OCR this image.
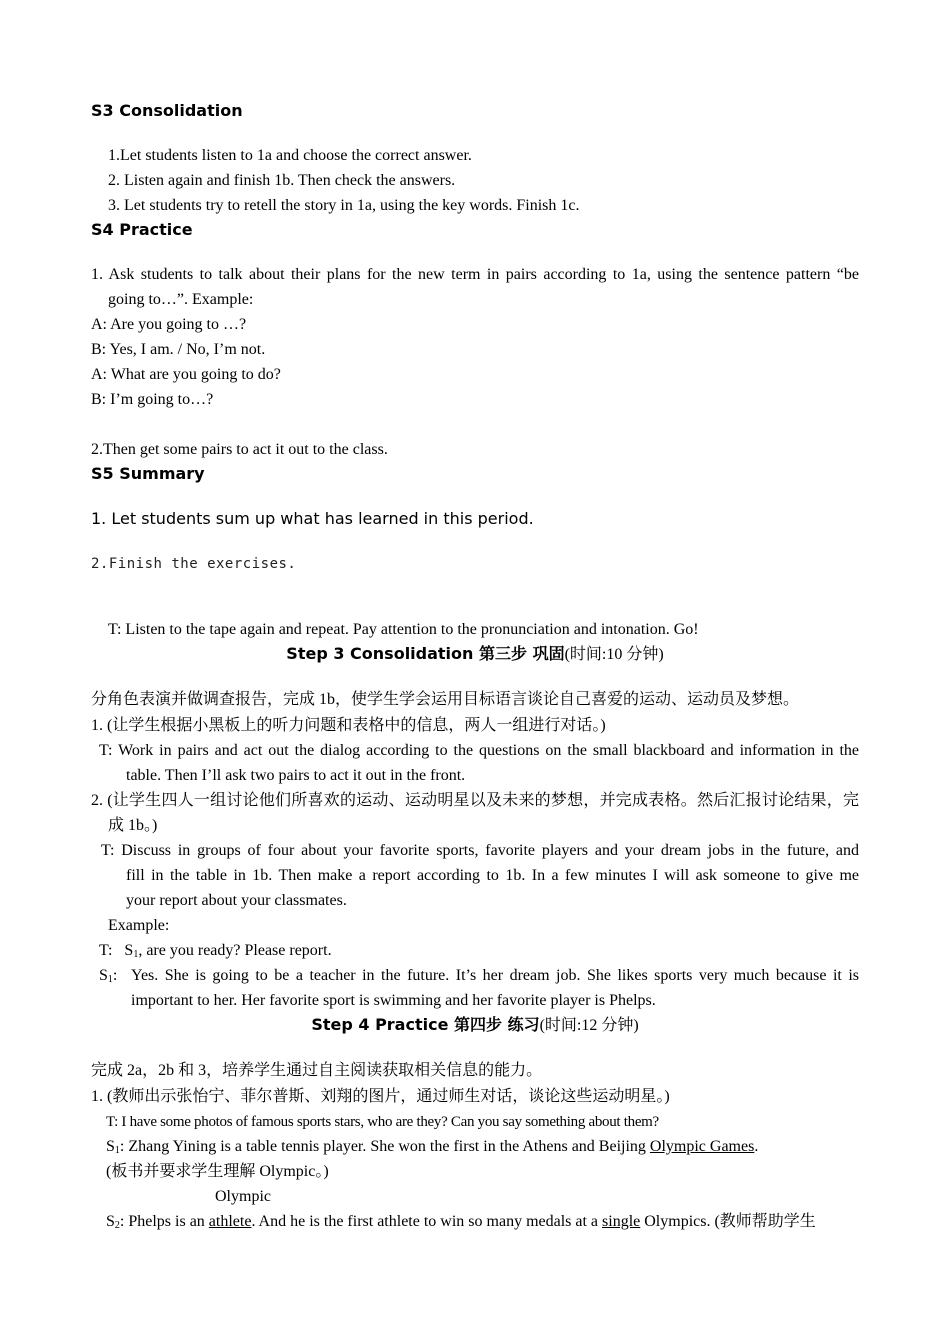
S3 Consolidation
1.Let students listen to 1a and choose the correct answer.
2. Listen again and finish 1b. Then check the answers.
3. Let students try to retell the story in 1a, using the key words. Finish 1c.
S4 Practice
1. Ask students to talk about their plans for the new term in pairs according to 1a, using the sentence pattern “be
going to…”. Example:
A: Are you going to …?
B: Yes, I am. / No, I’m not.
A: What are you going to do?
B: I’m going to…?
2.Then get some pairs to act it out to the class.
S5 Summary
1. Let students sum up what has learned in this period.
2.Finish the exercises.
T: Listen to the tape again and repeat. Pay attention to the pronunciation and intonation. Go!
Step 3 Consolidation 第三步 巩固(时间:10 分钟)
分角色表演并做调查报告，完成 1b，使学生学会运用目标语言谈论自己喜爱的运动、运动员及梦想。
1. (让学生根据小黑板上的听力问题和表格中的信息，两人一组进行对话。)
T: Work in pairs and act out the dialog according to the questions on the small blackboard and information in the
table. Then I’ll ask two pairs to act it out in the front.
2. (让学生四人一组讨论他们所喜欢的运动、运动明星以及未来的梦想，并完成表格。然后汇报讨论结果，完
成 1b。)
T: Discuss in groups of four about your favorite sports, favorite players and your dream jobs in the future, and
fill in the table in 1b. Then make a report according to 1b. In a few minutes I will ask someone to give me
your report about your classmates.
Example:
T:   $S_1$, are you ready? Please report.
$S_1$: Yes. She is going to be a teacher in the future. It’s her dream job. She likes sports very much because it is
important to her. Her favorite sport is swimming and her favorite player is Phelps.
Step 4 Practice 第四步 练习(时间:12 分钟)
完成 2a，2b 和 3，培养学生通过自主阅读获取相关信息的能力。
1. (教师出示张怡宁、菲尔普斯、刘翔的图片，通过师生对话，谈论这些运动明星。)
T: I have some photos of famous sports stars, who are they? Can you say something about them?
$S_1$: Zhang Yining is a table tennis player. She won the first in the Athens and Beijing Olympic Games.
(板书并要求学生理解 Olympic。)
Olympic
$S_2$: Phelps is an athlete. And he is the first athlete to win so many medals at a single Olympics. (教师帮助学生
